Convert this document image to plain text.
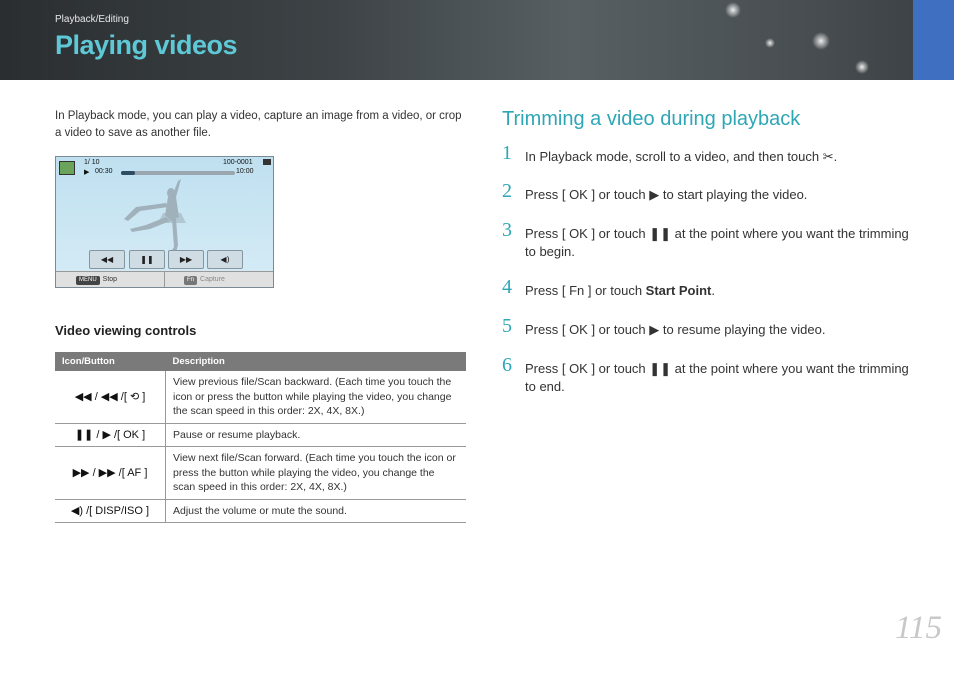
Playback/Editing
Playing videos
In Playback mode, you can play a video, capture an image from a video, or crop a video to save as another file.
1/ 10
▶ 00:30
100-0001
10:00
◀◀	❚❚	▶▶	◀)
MENU Stop	Fn Capture
Video viewing controls
Icon/Button	Description
◀◀ / ◀◀ /[ ⟲ ]	View previous file/Scan backward. (Each time you touch the icon or press the button while playing the video, you change the scan speed in this order: 2X, 4X, 8X.)
❚❚ / ▶ /[ OK ]	Pause or resume playback.
▶▶ / ▶▶ /[ AF ]	View next file/Scan forward. (Each time you touch the icon or press the button while playing the video, you change the scan speed in this order: 2X, 4X, 8X.)
◀) /[ DISP/ISO ]	Adjust the volume or mute the sound.
Trimming a video during playback
1 In Playback mode, scroll to a video, and then touch ✂.
2 Press [ OK ] or touch ▶ to start playing the video.
3 Press [ OK ] or touch ❚❚ at the point where you want the trimming to begin.
4 Press [ Fn ] or touch Start Point.
5 Press [ OK ] or touch ▶ to resume playing the video.
6 Press [ OK ] or touch ❚❚ at the point where you want the trimming to end.
115
